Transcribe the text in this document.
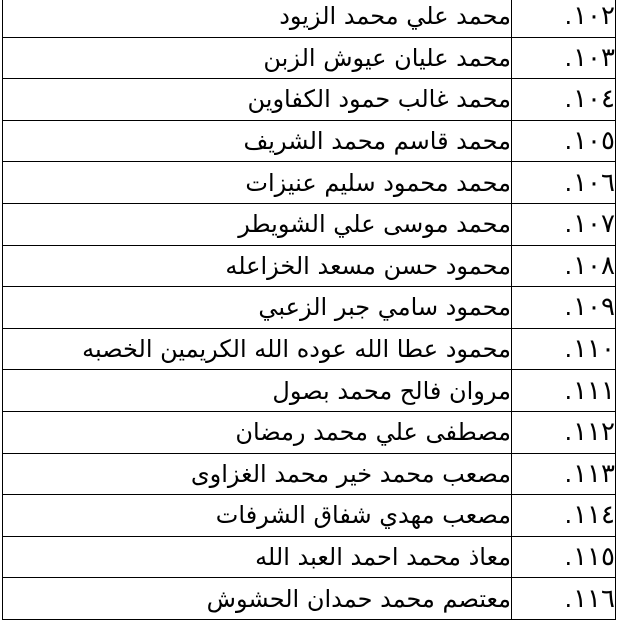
١٠٢.	محمد علي محمد الزيود
١٠٣.	محمد عليان عيوش الزبن
١٠٤.	محمد غالب حمود الكفاوين
١٠٥.	محمد قاسم محمد الشريف
١٠٦.	محمد محمود سليم عنيزات
١٠٧.	محمد موسى علي الشويطر
١٠٨.	محمود حسن مسعد الخزاعله
١٠٩.	محمود سامي جبر الزعبي
١١٠.	محمود عطا الله عوده الله الكريمين الخصبه
١١١.	مروان فالح محمد بصول
١١٢.	مصطفى علي محمد رمضان
١١٣.	مصعب محمد خير محمد الغزاوى
١١٤.	مصعب مهدي شفاق الشرفات
١١٥.	معاذ محمد احمد العبد الله
١١٦.	معتصم محمد حمدان الحشوش
